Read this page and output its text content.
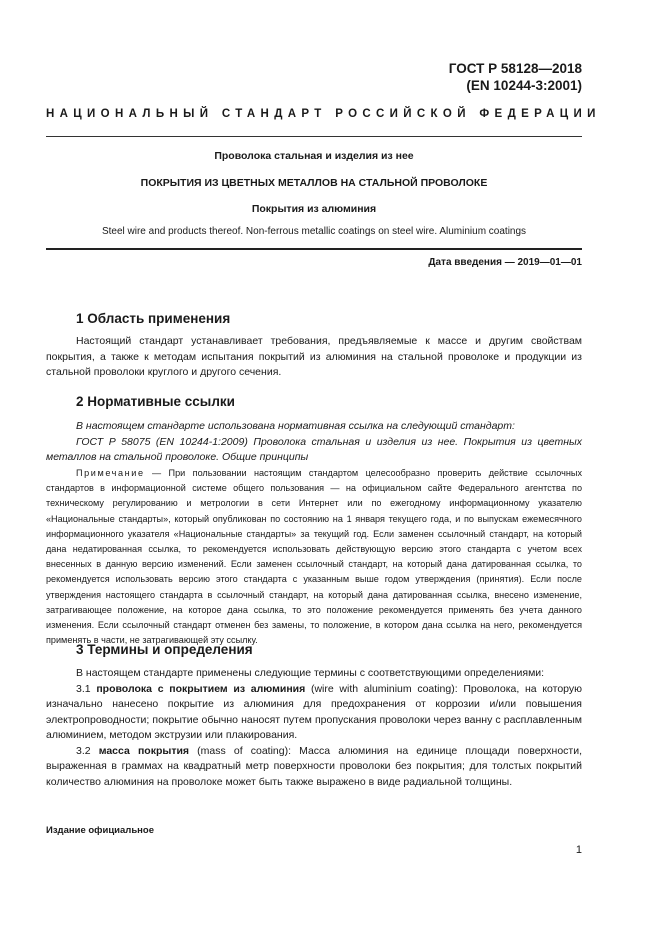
ГОСТ Р 58128—2018
(EN 10244-3:2001)
НАЦИОНАЛЬНЫЙ СТАНДАРТ РОССИЙСКОЙ ФЕДЕРАЦИИ
Проволока стальная и изделия из нее
ПОКРЫТИЯ ИЗ ЦВЕТНЫХ МЕТАЛЛОВ НА СТАЛЬНОЙ ПРОВОЛОКЕ
Покрытия из алюминия
Steel wire and products thereof. Non-ferrous metallic coatings on steel wire. Aluminium coatings
Дата введения — 2019—01—01
1 Область применения

Настоящий стандарт устанавливает требования, предъявляемые к массе и другим свойствам покрытия, а также к методам испытания покрытий из алюминия на стальной проволоке и продукции из стальной проволоки круглого и другого сечения.

2 Нормативные ссылки

В настоящем стандарте использована нормативная ссылка на следующий стандарт:

ГОСТ Р 58075 (EN 10244-1:2009) Проволока стальная и изделия из нее. Покрытия из цветных металлов на стальной проволоке. Общие принципы

Примечание — При пользовании настоящим стандартом целесообразно проверить действие ссылочных стандартов в информационной системе общего пользования — на официальном сайте Федерального агентства по техническому регулированию и метрологии в сети Интернет или по ежегодному информационному указателю «Национальные стандарты», который опубликован по состоянию на 1 января текущего года, и по выпускам ежемесячного информационного указателя «Национальные стандарты» за текущий год. Если заменен ссылочный стандарт, на который дана недатированная ссылка, то рекомендуется использовать действующую версию этого стандарта с учетом всех внесенных в данную версию изменений. Если заменен ссылочный стандарт, на который дана датированная ссылка, то рекомендуется использовать версию этого стандарта с указанным выше годом утверждения (принятия). Если после утверждения настоящего стандарта в ссылочный стандарт, на который дана датированная ссылка, внесено изменение, затрагивающее положение, на которое дана ссылка, то это положение рекомендуется применять без учета данного изменения. Если ссылочный стандарт отменен без замены, то положение, в котором дана ссылка на него, рекомендуется применять в части, не затрагивающей эту ссылку.
3 Термины и определения

В настоящем стандарте применены следующие термины с соответствующими определениями:

3.1 проволока с покрытием из алюминия (wire with aluminium coating): Проволока, на которую изначально нанесено покрытие из алюминия для предохранения от коррозии и/или повышения электропроводности; покрытие обычно наносят путем пропускания проволоки через ванну с расплавленным алюминием, методом экструзии или плакирования.

3.2 масса покрытия (mass of coating): Масса алюминия на единице площади поверхности, выраженная в граммах на квадратный метр поверхности проволоки без покрытия; для толстых покрытий количество алюминия на проволоке может быть также выражено в виде радиальной толщины.

Издание официальное
1
